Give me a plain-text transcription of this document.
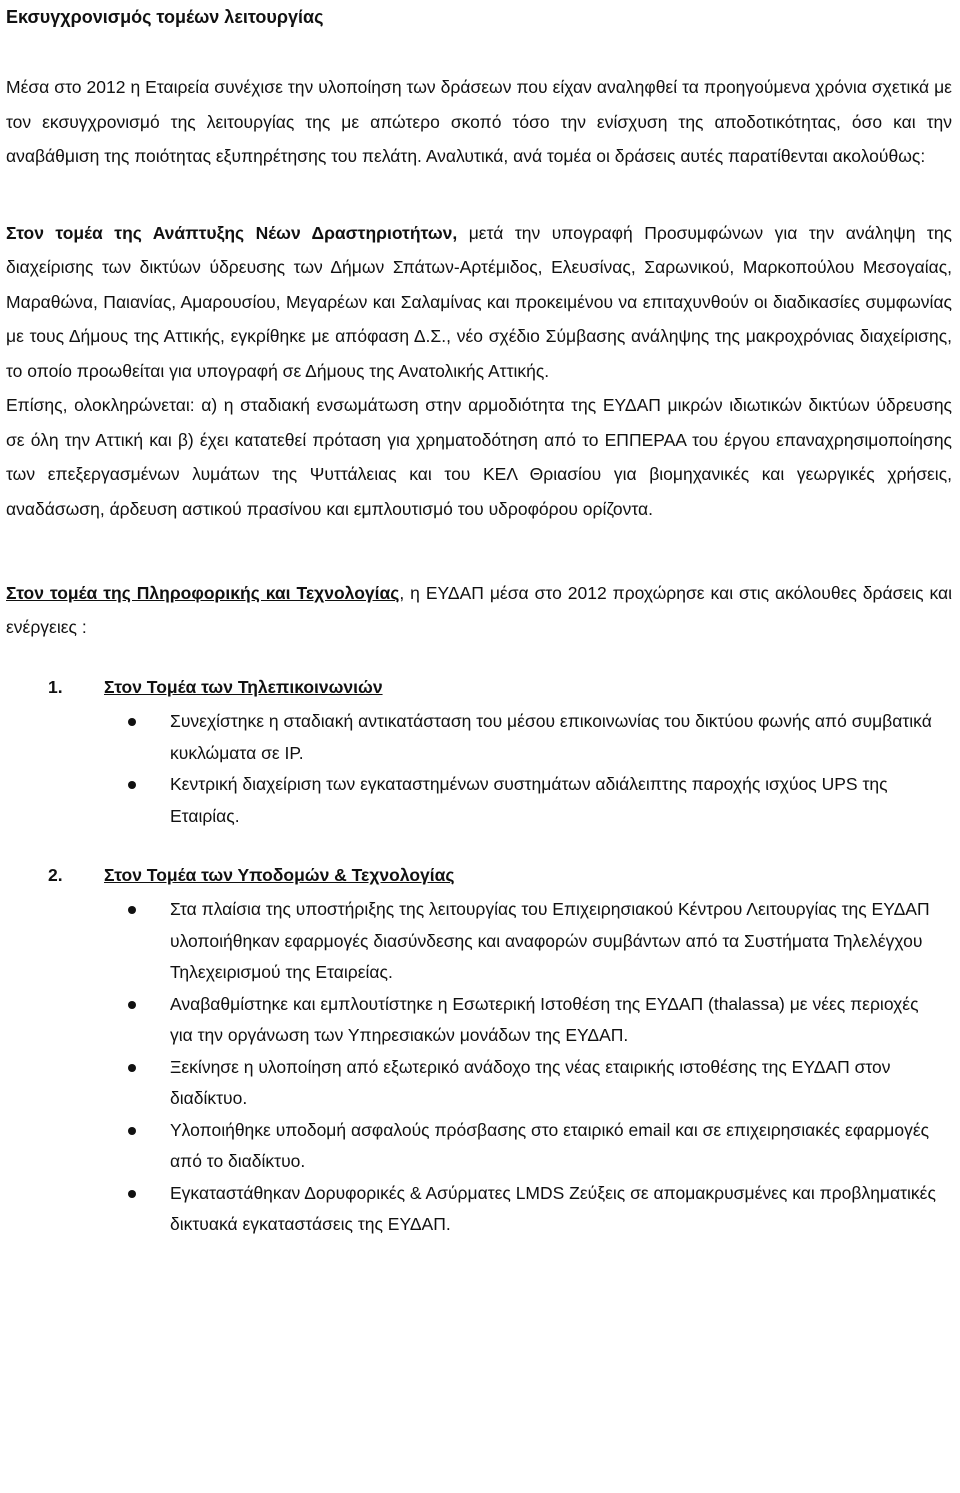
Εκσυγχρονισμός τομέων λειτουργίας

Μέσα στο 2012 η Εταιρεία συνέχισε την υλοποίηση των δράσεων που είχαν αναληφθεί τα προηγούμενα χρόνια σχετικά με τον εκσυγχρονισμό της λειτουργίας της με απώτερο σκοπό τόσο την ενίσχυση της αποδοτικότητας, όσο και την αναβάθμιση της ποιότητας εξυπηρέτησης του πελάτη. Αναλυτικά, ανά τομέα οι δράσεις αυτές παρατίθενται ακολούθως:

Στον τομέα της Ανάπτυξης Νέων Δραστηριοτήτων, μετά την υπογραφή Προσυμφώνων για την ανάληψη της διαχείρισης των δικτύων ύδρευσης των Δήμων Σπάτων-Αρτέμιδος, Ελευσίνας, Σαρωνικού, Μαρκοπούλου Μεσογαίας, Μαραθώνα, Παιανίας, Αμαρουσίου, Μεγαρέων και Σαλαμίνας και προκειμένου να επιταχυνθούν οι διαδικασίες συμφωνίας με τους Δήμους της Αττικής, εγκρίθηκε με απόφαση Δ.Σ., νέο σχέδιο Σύμβασης ανάληψης της μακροχρόνιας διαχείρισης, το οποίο προωθείται για υπογραφή σε Δήμους της Ανατολικής Αττικής.

Επίσης, ολοκληρώνεται: α) η σταδιακή ενσωμάτωση στην αρμοδιότητα της ΕΥΔΑΠ μικρών ιδιωτικών δικτύων ύδρευσης σε όλη την Αττική και β) έχει κατατεθεί πρόταση για χρηματοδότηση από το ΕΠΠΕΡΑΑ του έργου επαναχρησιμοποίησης των επεξεργασμένων λυμάτων της Ψυττάλειας και του ΚΕΛ Θριασίου για βιομηχανικές και γεωργικές χρήσεις, αναδάσωση, άρδευση αστικού πρασίνου και εμπλουτισμό του υδροφόρου ορίζοντα.

Στον τομέα της Πληροφορικής και Τεχνολογίας, η ΕΥΔΑΠ μέσα στο 2012 προχώρησε και στις ακόλουθες δράσεις και ενέργειες :

1.	Στον Τομέα των Τηλεπικοινωνιών
Συνεχίστηκε η σταδιακή αντικατάσταση του μέσου επικοινωνίας του δικτύου φωνής από συμβατικά κυκλώματα σε IP.
Κεντρική διαχείριση των εγκαταστημένων συστημάτων αδιάλειπτης παροχής ισχύος UPS της Εταιρίας.
2.	Στον Τομέα των Υποδομών & Τεχνολογίας
Στα πλαίσια της υποστήριξης της λειτουργίας του Επιχειρησιακού Κέντρου Λειτουργίας της ΕΥΔΑΠ υλοποιήθηκαν εφαρμογές διασύνδεσης και αναφορών συμβάντων από τα Συστήματα Τηλελέγχου Τηλεχειρισμού της Εταιρείας.
Αναβαθμίστηκε και εμπλουτίστηκε η Εσωτερική Ιστοθέση της ΕΥΔΑΠ (thalassa) με νέες περιοχές για την οργάνωση των Υπηρεσιακών μονάδων της ΕΥΔΑΠ.
Ξεκίνησε η υλοποίηση από εξωτερικό ανάδοχο της νέας εταιρικής ιστοθέσης της ΕΥΔΑΠ στον διαδίκτυο.
Υλοποιήθηκε υποδομή ασφαλούς πρόσβασης στο εταιρικό email και σε επιχειρησιακές εφαρμογές από το διαδίκτυο.
Εγκαταστάθηκαν Δορυφορικές & Ασύρματες LMDS Ζεύξεις σε απομακρυσμένες και προβληματικές δικτυακά εγκαταστάσεις της ΕΥΔΑΠ.
